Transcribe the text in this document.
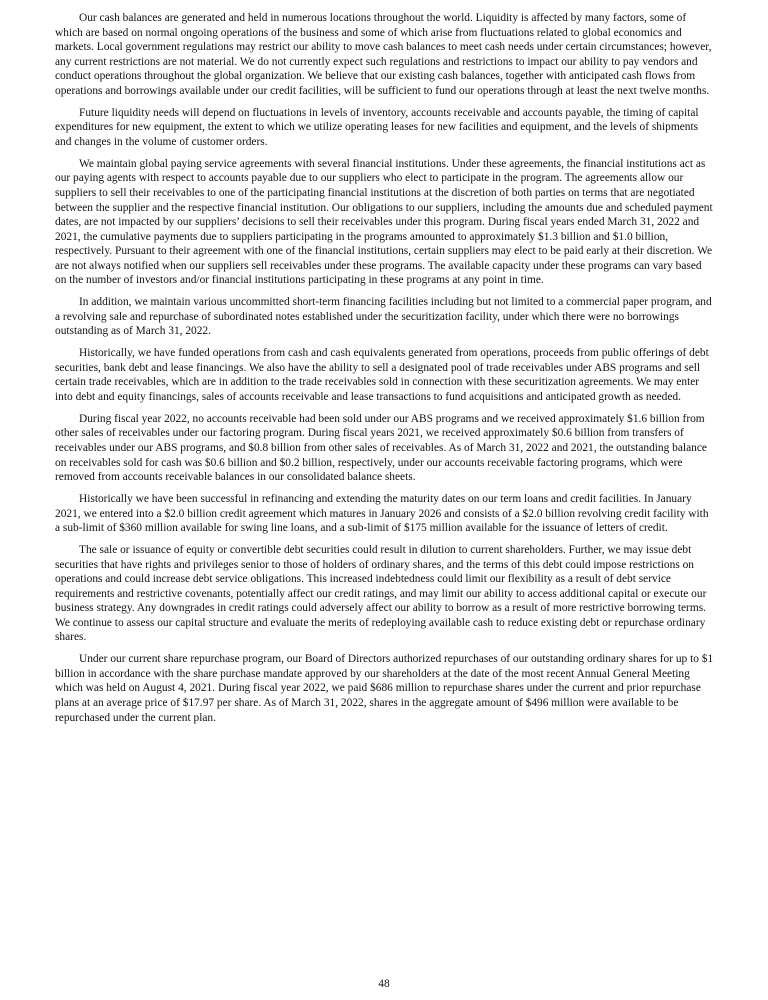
Our cash balances are generated and held in numerous locations throughout the world. Liquidity is affected by many factors, some of which are based on normal ongoing operations of the business and some of which arise from fluctuations related to global economics and markets. Local government regulations may restrict our ability to move cash balances to meet cash needs under certain circumstances; however, any current restrictions are not material. We do not currently expect such regulations and restrictions to impact our ability to pay vendors and conduct operations throughout the global organization. We believe that our existing cash balances, together with anticipated cash flows from operations and borrowings available under our credit facilities, will be sufficient to fund our operations through at least the next twelve months.

Future liquidity needs will depend on fluctuations in levels of inventory, accounts receivable and accounts payable, the timing of capital expenditures for new equipment, the extent to which we utilize operating leases for new facilities and equipment, and the levels of shipments and changes in the volume of customer orders.

We maintain global paying service agreements with several financial institutions. Under these agreements, the financial institutions act as our paying agents with respect to accounts payable due to our suppliers who elect to participate in the program. The agreements allow our suppliers to sell their receivables to one of the participating financial institutions at the discretion of both parties on terms that are negotiated between the supplier and the respective financial institution. Our obligations to our suppliers, including the amounts due and scheduled payment dates, are not impacted by our suppliers’ decisions to sell their receivables under this program. During fiscal years ended March 31, 2022 and 2021, the cumulative payments due to suppliers participating in the programs amounted to approximately $1.3 billion and $1.0 billion, respectively. Pursuant to their agreement with one of the financial institutions, certain suppliers may elect to be paid early at their discretion. We are not always notified when our suppliers sell receivables under these programs. The available capacity under these programs can vary based on the number of investors and/or financial institutions participating in these programs at any point in time.

In addition, we maintain various uncommitted short-term financing facilities including but not limited to a commercial paper program, and a revolving sale and repurchase of subordinated notes established under the securitization facility, under which there were no borrowings outstanding as of March 31, 2022.

Historically, we have funded operations from cash and cash equivalents generated from operations, proceeds from public offerings of debt securities, bank debt and lease financings. We also have the ability to sell a designated pool of trade receivables under ABS programs and sell certain trade receivables, which are in addition to the trade receivables sold in connection with these securitization agreements. We may enter into debt and equity financings, sales of accounts receivable and lease transactions to fund acquisitions and anticipated growth as needed.

During fiscal year 2022, no accounts receivable had been sold under our ABS programs and we received approximately $1.6 billion from other sales of receivables under our factoring program. During fiscal years 2021, we received approximately $0.6 billion from transfers of receivables under our ABS programs, and $0.8 billion from other sales of receivables. As of March 31, 2022 and 2021, the outstanding balance on receivables sold for cash was $0.6 billion and $0.2 billion, respectively, under our accounts receivable factoring programs, which were removed from accounts receivable balances in our consolidated balance sheets.

Historically we have been successful in refinancing and extending the maturity dates on our term loans and credit facilities. In January 2021, we entered into a $2.0 billion credit agreement which matures in January 2026 and consists of a $2.0 billion revolving credit facility with a sub-limit of $360 million available for swing line loans, and a sub-limit of $175 million available for the issuance of letters of credit.

The sale or issuance of equity or convertible debt securities could result in dilution to current shareholders. Further, we may issue debt securities that have rights and privileges senior to those of holders of ordinary shares, and the terms of this debt could impose restrictions on operations and could increase debt service obligations. This increased indebtedness could limit our flexibility as a result of debt service requirements and restrictive covenants, potentially affect our credit ratings, and may limit our ability to access additional capital or execute our business strategy. Any downgrades in credit ratings could adversely affect our ability to borrow as a result of more restrictive borrowing terms. We continue to assess our capital structure and evaluate the merits of redeploying available cash to reduce existing debt or repurchase ordinary shares.

Under our current share repurchase program, our Board of Directors authorized repurchases of our outstanding ordinary shares for up to $1 billion in accordance with the share purchase mandate approved by our shareholders at the date of the most recent Annual General Meeting which was held on August 4, 2021. During fiscal year 2022, we paid $686 million to repurchase shares under the current and prior repurchase plans at an average price of $17.97 per share. As of March 31, 2022, shares in the aggregate amount of $496 million were available to be repurchased under the current plan.

48
